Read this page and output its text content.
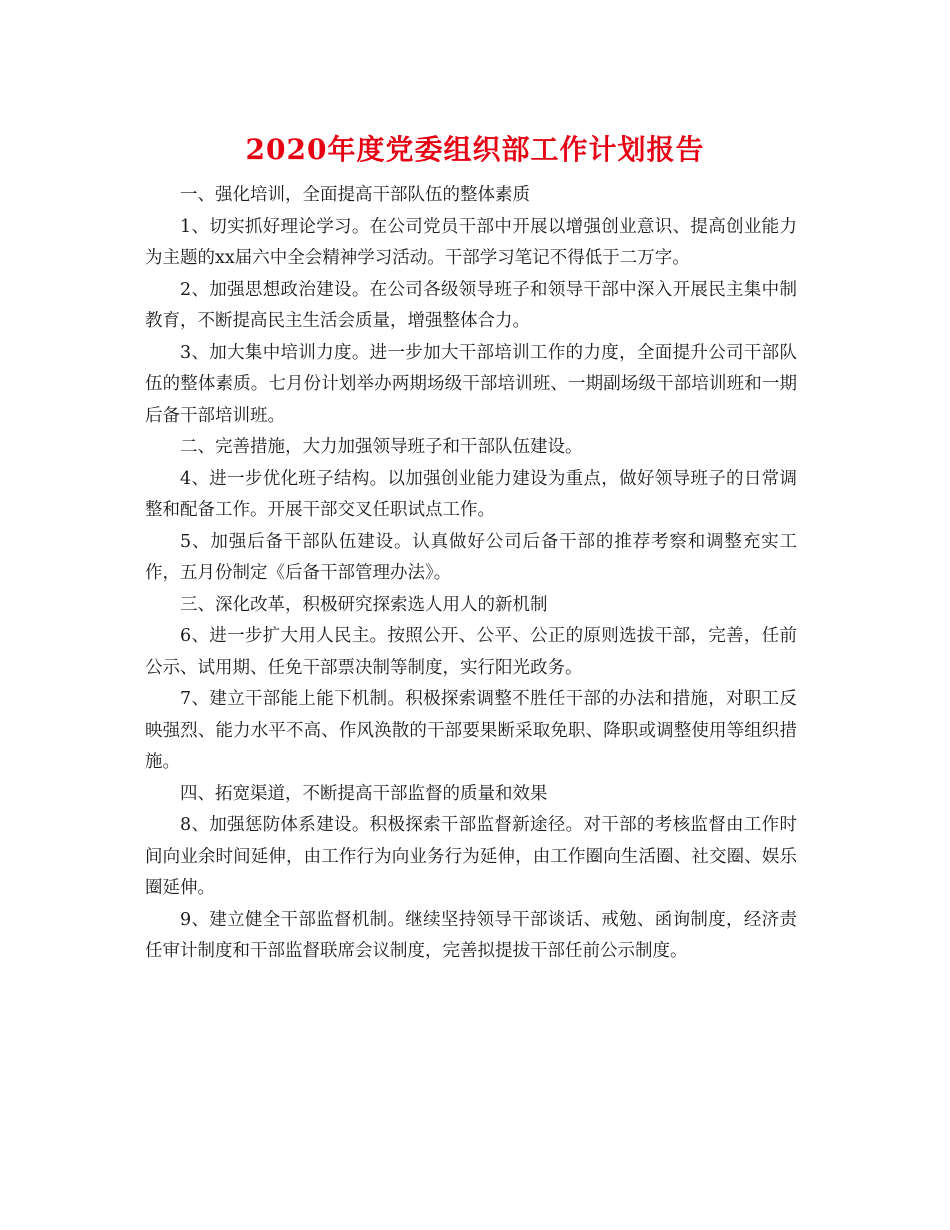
2020年度党委组织部工作计划报告

一、强化培训，全面提高干部队伍的整体素质

1、切实抓好理论学习。在公司党员干部中开展以增强创业意识、提高创业能力为主题的xx届六中全会精神学习活动。干部学习笔记不得低于二万字。

2、加强思想政治建设。在公司各级领导班子和领导干部中深入开展民主集中制教育，不断提高民主生活会质量，增强整体合力。

3、加大集中培训力度。进一步加大干部培训工作的力度，全面提升公司干部队伍的整体素质。七月份计划举办两期场级干部培训班、一期副场级干部培训班和一期后备干部培训班。

二、完善措施，大力加强领导班子和干部队伍建设。

4、进一步优化班子结构。以加强创业能力建设为重点，做好领导班子的日常调整和配备工作。开展干部交叉任职试点工作。

5、加强后备干部队伍建设。认真做好公司后备干部的推荐考察和调整充实工作，五月份制定《后备干部管理办法》。

三、深化改革，积极研究探索选人用人的新机制

6、进一步扩大用人民主。按照公开、公平、公正的原则选拔干部，完善，任前公示、试用期、任免干部票决制等制度，实行阳光政务。

7、建立干部能上能下机制。积极探索调整不胜任干部的办法和措施，对职工反映强烈、能力水平不高、作风涣散的干部要果断采取免职、降职或调整使用等组织措施。

四、拓宽渠道，不断提高干部监督的质量和效果

8、加强惩防体系建设。积极探索干部监督新途径。对干部的考核监督由工作时间向业余时间延伸，由工作行为向业务行为延伸，由工作圈向生活圈、社交圈、娱乐圈延伸。

9、建立健全干部监督机制。继续坚持领导干部谈话、戒勉、函询制度，经济责任审计制度和干部监督联席会议制度，完善拟提拔干部任前公示制度。
